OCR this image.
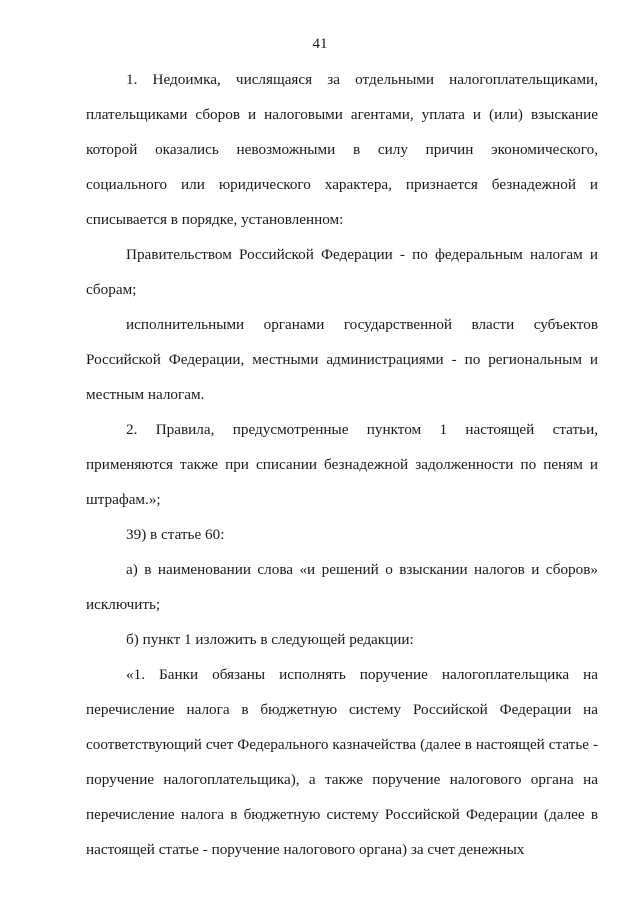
41

1. Недоимка, числящаяся за отдельными налогоплательщиками, плательщиками сборов и налоговыми агентами, уплата и (или) взыскание которой оказались невозможными в силу причин экономического, социального или юридического характера, признается безнадежной и списывается в порядке, установленном:

Правительством Российской Федерации - по федеральным налогам и сборам;

исполнительными органами государственной власти субъектов Российской Федерации, местными администрациями - по региональным и местным налогам.

2. Правила, предусмотренные пунктом 1 настоящей статьи, применяются также при списании безнадежной задолженности по пеням и штрафам.»;

39) в статье 60:

а) в наименовании слова «и решений о взыскании налогов и сборов» исключить;

б) пункт 1 изложить в следующей редакции:

«1. Банки обязаны исполнять поручение налогоплательщика на перечисление налога в бюджетную систему Российской Федерации на соответствующий счет Федерального казначейства (далее в настоящей статье - поручение налогоплательщика), а также поручение налогового органа на перечисление налога в бюджетную систему Российской Федерации (далее в настоящей статье - поручение налогового органа) за счет денежных
